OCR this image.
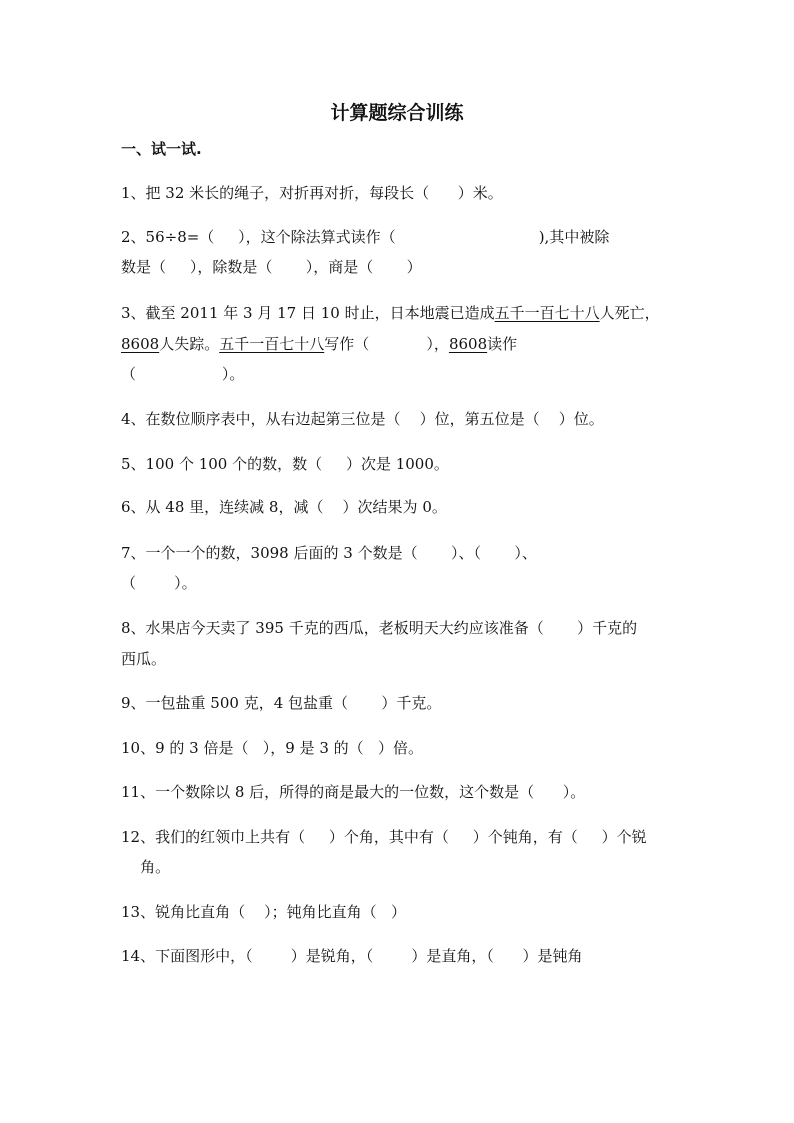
计算题综合训练

一、试一试.

1、把 32 米长的绳子，对折再对折，每段长（      ）米。

2、56÷8=（     ），这个除法算式读作（                              ),其中被除

数是（     ），除数是（       ），商是（       ）

3、截至 2011 年 3 月 17 日 10 时止，日本地震已造成五千一百七十八人死亡，

8608人失踪。五千一百七十八写作（            ），8608读作

（                  ）。

4、在数位顺序表中，从右边起第三位是（    ）位，第五位是（    ）位。

5、100 个 100 个的数，数（     ）次是 1000。

6、从 48 里，连续减 8，减（    ）次结果为 0。

7、一个一个的数，3098 后面的 3 个数是（       ）、（       ）、

（        ）。

8、水果店今天卖了 395 千克的西瓜，老板明天大约应该准备（       ）千克的

西瓜。

9、一包盐重 500 克，4 包盐重（       ）千克。

10、9 的 3 倍是（   ），9 是 3 的（   ）倍。

11、一个数除以 8 后，所得的商是最大的一位数，这个数是（      ）。

12、我们的红领巾上共有（     ）个角，其中有（     ）个钝角，有（     ）个锐

角。

13、锐角比直角（    ）；钝角比直角（   ）

14、下面图形中，（        ）是锐角，（        ）是直角，（      ）是钝角
